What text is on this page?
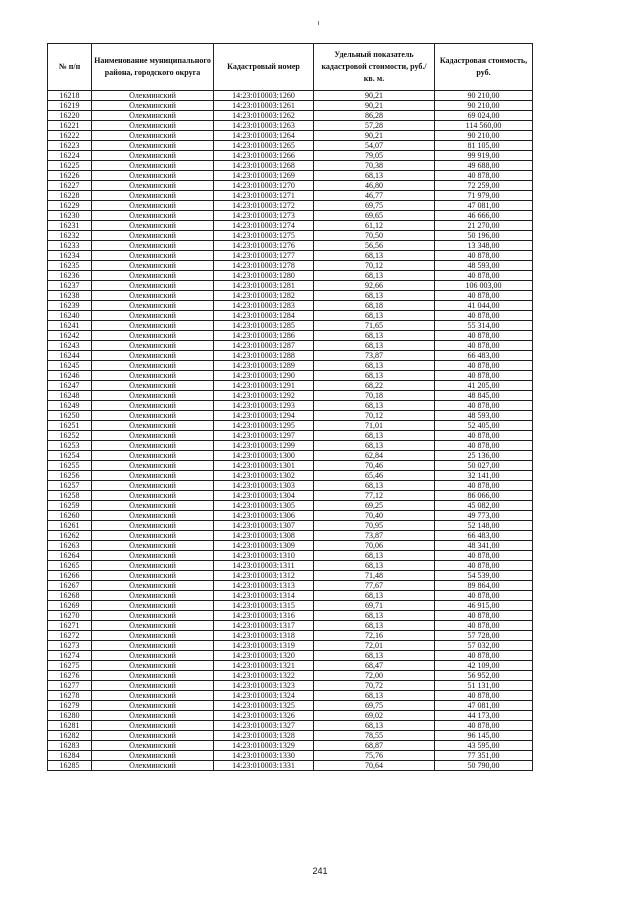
№ п/п	Наименование муниципального района, городского округа	Кадастровый номер	Удельный показатель кадастровой стоимости, руб./кв. м.	Кадастровая стоимость, руб.
16218	Олекминский	14:23:010003:1260	90,21	90 210,00
16219	Олекминский	14:23:010003:1261	90,21	90 210,00
16220	Олекминский	14:23:010003:1262	86,28	69 024,00
16221	Олекминский	14:23:010003:1263	57,28	114 560,00
16222	Олекминский	14:23:010003:1264	90,21	90 210,00
16223	Олекминский	14:23:010003:1265	54,07	81 105,00
16224	Олекминский	14:23:010003:1266	79,05	99 919,00
16225	Олекминский	14:23:010003:1268	70,38	49 688,00
16226	Олекминский	14:23:010003:1269	68,13	40 878,00
16227	Олекминский	14:23:010003:1270	46,80	72 259,00
16228	Олекминский	14:23:010003:1271	46,77	71 979,00
16229	Олекминский	14:23:010003:1272	69,75	47 081,00
16230	Олекминский	14:23:010003:1273	69,65	46 666,00
16231	Олекминский	14:23:010003:1274	61,12	21 270,00
16232	Олекминский	14:23:010003:1275	70,50	50 196,00
16233	Олекминский	14:23:010003:1276	56,56	13 348,00
16234	Олекминский	14:23:010003:1277	68,13	40 878,00
16235	Олекминский	14:23:010003:1278	70,12	48 593,00
16236	Олекминский	14:23:010003:1280	68,13	40 878,00
16237	Олекминский	14:23:010003:1281	92,66	106 003,00
16238	Олекминский	14:23:010003:1282	68,13	40 878,00
16239	Олекминский	14:23:010003:1283	68,18	41 044,00
16240	Олекминский	14:23:010003:1284	68,13	40 878,00
16241	Олекминский	14:23:010003:1285	71,65	55 314,00
16242	Олекминский	14:23:010003:1286	68,13	40 878,00
16243	Олекминский	14:23:010003:1287	68,13	40 878,00
16244	Олекминский	14:23:010003:1288	73,87	66 483,00
16245	Олекминский	14:23:010003:1289	68,13	40 878,00
16246	Олекминский	14:23:010003:1290	68,13	40 878,00
16247	Олекминский	14:23:010003:1291	68,22	41 205,00
16248	Олекминский	14:23:010003:1292	70,18	48 845,00
16249	Олекминский	14:23:010003:1293	68,13	40 878,00
16250	Олекминский	14:23:010003:1294	70,12	48 593,00
16251	Олекминский	14:23:010003:1295	71,01	52 405,00
16252	Олекминский	14:23:010003:1297	68,13	40 878,00
16253	Олекминский	14:23:010003:1299	68,13	40 878,00
16254	Олекминский	14:23:010003:1300	62,84	25 136,00
16255	Олекминский	14:23:010003:1301	70,46	50 027,00
16256	Олекминский	14:23:010003:1302	65,46	32 141,00
16257	Олекминский	14:23:010003:1303	68,13	40 878,00
16258	Олекминский	14:23:010003:1304	77,12	86 066,00
16259	Олекминский	14:23:010003:1305	69,25	45 082,00
16260	Олекминский	14:23:010003:1306	70,40	49 773,00
16261	Олекминский	14:23:010003:1307	70,95	52 148,00
16262	Олекминский	14:23:010003:1308	73,87	66 483,00
16263	Олекминский	14:23:010003:1309	70,06	48 341,00
16264	Олекминский	14:23:010003:1310	68,13	40 878,00
16265	Олекминский	14:23:010003:1311	68,13	40 878,00
16266	Олекминский	14:23:010003:1312	71,48	54 539,00
16267	Олекминский	14:23:010003:1313	77,67	89 864,00
16268	Олекминский	14:23:010003:1314	68,13	40 878,00
16269	Олекминский	14:23:010003:1315	69,71	46 915,00
16270	Олекминский	14:23:010003:1316	68,13	40 878,00
16271	Олекминский	14:23:010003:1317	68,13	40 878,00
16272	Олекминский	14:23:010003:1318	72,16	57 728,00
16273	Олекминский	14:23:010003:1319	72,01	57 032,00
16274	Олекминский	14:23:010003:1320	68,13	40 878,00
16275	Олекминский	14:23:010003:1321	68,47	42 109,00
16276	Олекминский	14:23:010003:1322	72,00	56 952,00
16277	Олекминский	14:23:010003:1323	70,72	51 131,00
16278	Олекминский	14:23:010003:1324	68,13	40 878,00
16279	Олекминский	14:23:010003:1325	69,75	47 081,00
16280	Олекминский	14:23:010003:1326	69,02	44 173,00
16281	Олекминский	14:23:010003:1327	68,13	40 878,00
16282	Олекминский	14:23:010003:1328	78,55	96 145,00
16283	Олекминский	14:23:010003:1329	68,87	43 595,00
16284	Олекминский	14:23:010003:1330	75,76	77 351,00
16285	Олекминский	14:23:010003:1331	70,64	50 790,00
241
